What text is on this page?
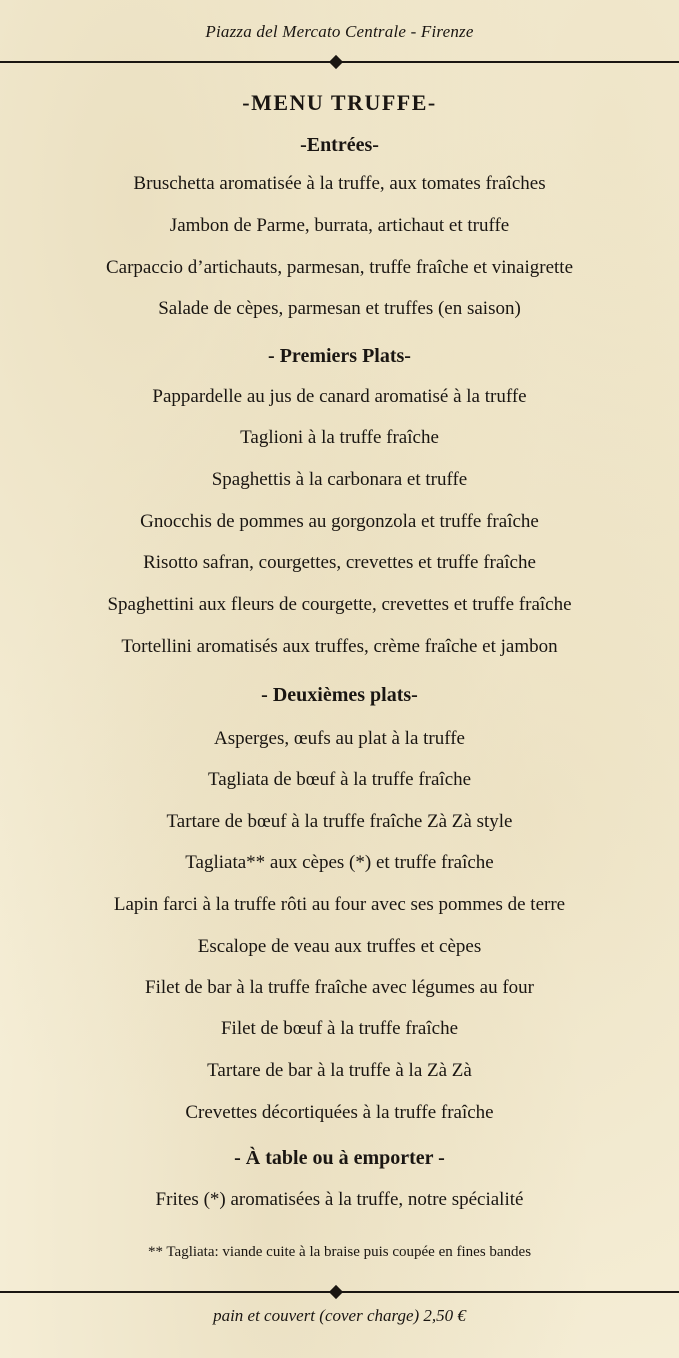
Piazza del Mercato Centrale - Firenze
-MENU TRUFFE-
-Entrées-
Bruschetta aromatisée à la truffe, aux tomates fraîches
Jambon de Parme, burrata, artichaut et truffe
Carpaccio d’artichauts, parmesan, truffe fraîche et vinaigrette
Salade de cèpes, parmesan et truffes (en saison)
- Premiers Plats-
Pappardelle au jus de canard aromatisé à la truffe
Taglioni à la truffe fraîche
Spaghettis à la carbonara et truffe
Gnocchis de pommes au gorgonzola et truffe fraîche
Risotto safran, courgettes, crevettes et truffe fraîche
Spaghettini aux fleurs de courgette, crevettes et truffe fraîche
Tortellini aromatisés aux truffes, crème fraîche et jambon
- Deuxièmes plats-
Asperges, œufs au plat à la truffe
Tagliata de bœuf à la truffe fraîche
Tartare de bœuf à la truffe fraîche Zà Zà style
Tagliata** aux cèpes (*) et truffe fraîche
Lapin farci à la truffe rôti au four avec ses pommes de terre
Escalope de veau aux truffes et cèpes
Filet de bar à la truffe fraîche avec légumes au four
Filet de bœuf à la truffe fraîche
Tartare de bar à la truffe à la Zà Zà
Crevettes décortiquées à la truffe fraîche
- À table ou à emporter -
Frites (*) aromatisées à la truffe, notre spécialité
** Tagliata: viande cuite à la braise puis coupée en fines bandes
pain et couvert (cover charge) 2,50 €
